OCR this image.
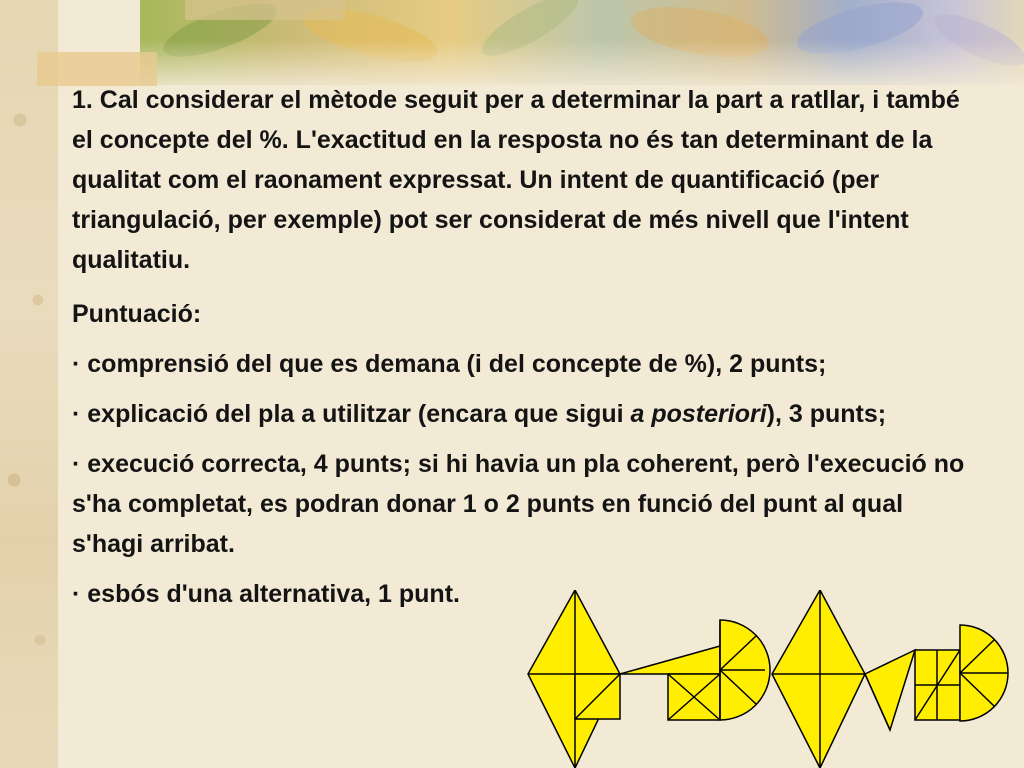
1. Cal considerar el mètode seguit per a determinar la part a ratllar, i també el concepte del %. L'exactitud en la resposta no és tan determinant de la qualitat com el raonament expressat. Un intent de quantificació (per triangulació, per exemple) pot ser considerat de més nivell que l'intent qualitatiu.

Puntuació:

· comprensió del que es demana (i del concepte de %), 2 punts;

· explicació del pla a utilitzar (encara que sigui a posteriori), 3 punts;

· execució correcta, 4 punts; si hi havia un pla coherent, però l'execució no s'ha completat, es podran donar 1 o 2 punts en funció del punt al qual s'hagi arribat.

· esbós d'una alternativa, 1 punt.
